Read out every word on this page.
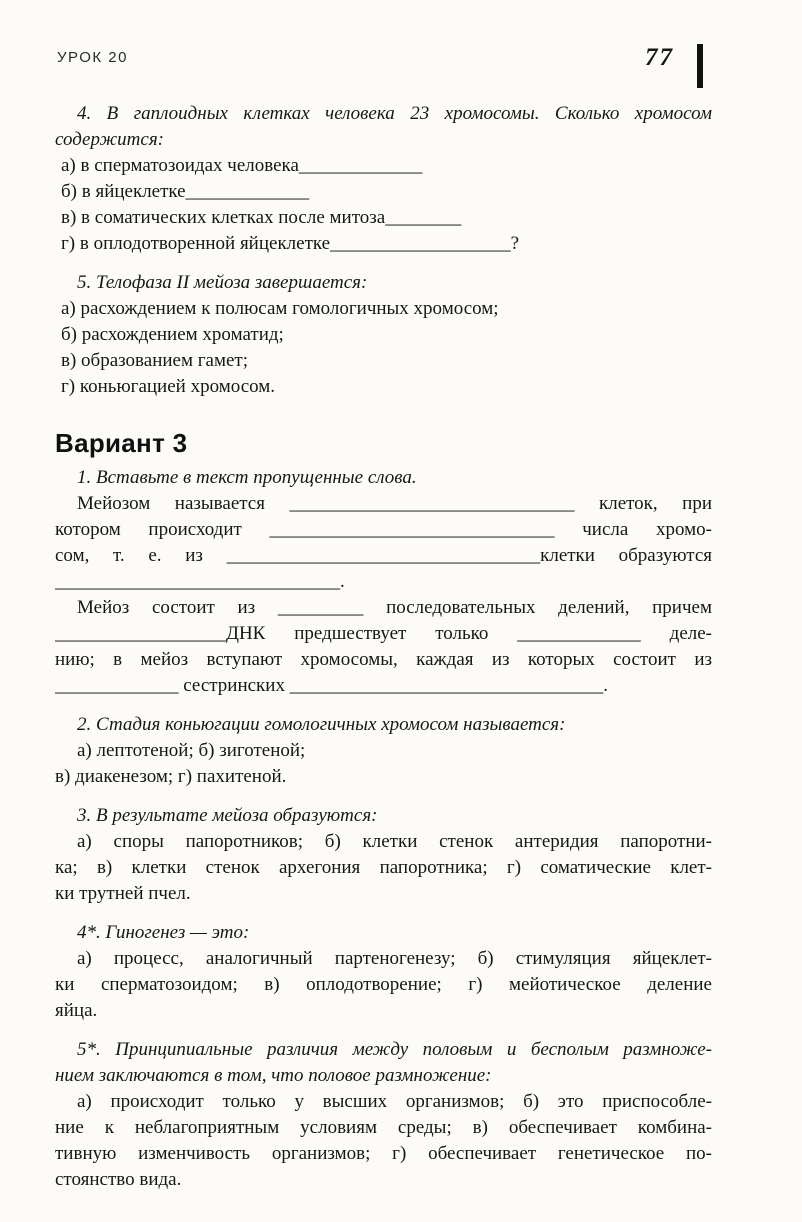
УРОК 20	77
4. В гаплоидных клетках человека 23 хромосомы. Сколько хромосом
содержится:
а) в сперматозоидах человека_____________
б) в яйцеклетке_____________
в) в соматических клетках после митоза________
г) в оплодотворенной яйцеклетке___________________?
5. Телофаза II мейоза завершается:
а) расхождением к полюсам гомологичных хромосом;
б) расхождением хроматид;
в) образованием гамет;
г) коньюгацией хромосом.
Вариант 3
1. Вставьте в текст пропущенные слова.
Мейозом называется ______________________________ клеток, при
котором происходит ______________________________ числа хромо-
сом, т. е. из _________________________________клетки образуются
______________________________.
Мейоз состоит из _________ последовательных делений, причем
__________________ДНК предшествует только _____________ деле-
нию; в мейоз вступают хромосомы, каждая из которых состоит из
_____________ сестринских _________________________________.
2. Стадия коньюгации гомологичных хромосом называется:
а) лептотеной; б) зиготеной;
в) диакенезом; г) пахитеной.
3. В результате мейоза образуются:
а) споры папоротников; б) клетки стенок антеридия папоротни-
ка; в) клетки стенок архегония папоротника; г) соматические клет-
ки трутней пчел.
4*. Гиногенез — это:
а) процесс, аналогичный партеногенезу; б) стимуляция яйцеклет-
ки сперматозоидом; в) оплодотворение; г) мейотическое деление
яйца.
5*. Принципиальные различия между половым и бесполым размноже-
нием заключаются в том, что половое размножение:
а) происходит только у высших организмов; б) это приспособле-
ние к неблагоприятным условиям среды; в) обеспечивает комбина-
тивную изменчивость организмов; г) обеспечивает генетическое по-
стоянство вида.
